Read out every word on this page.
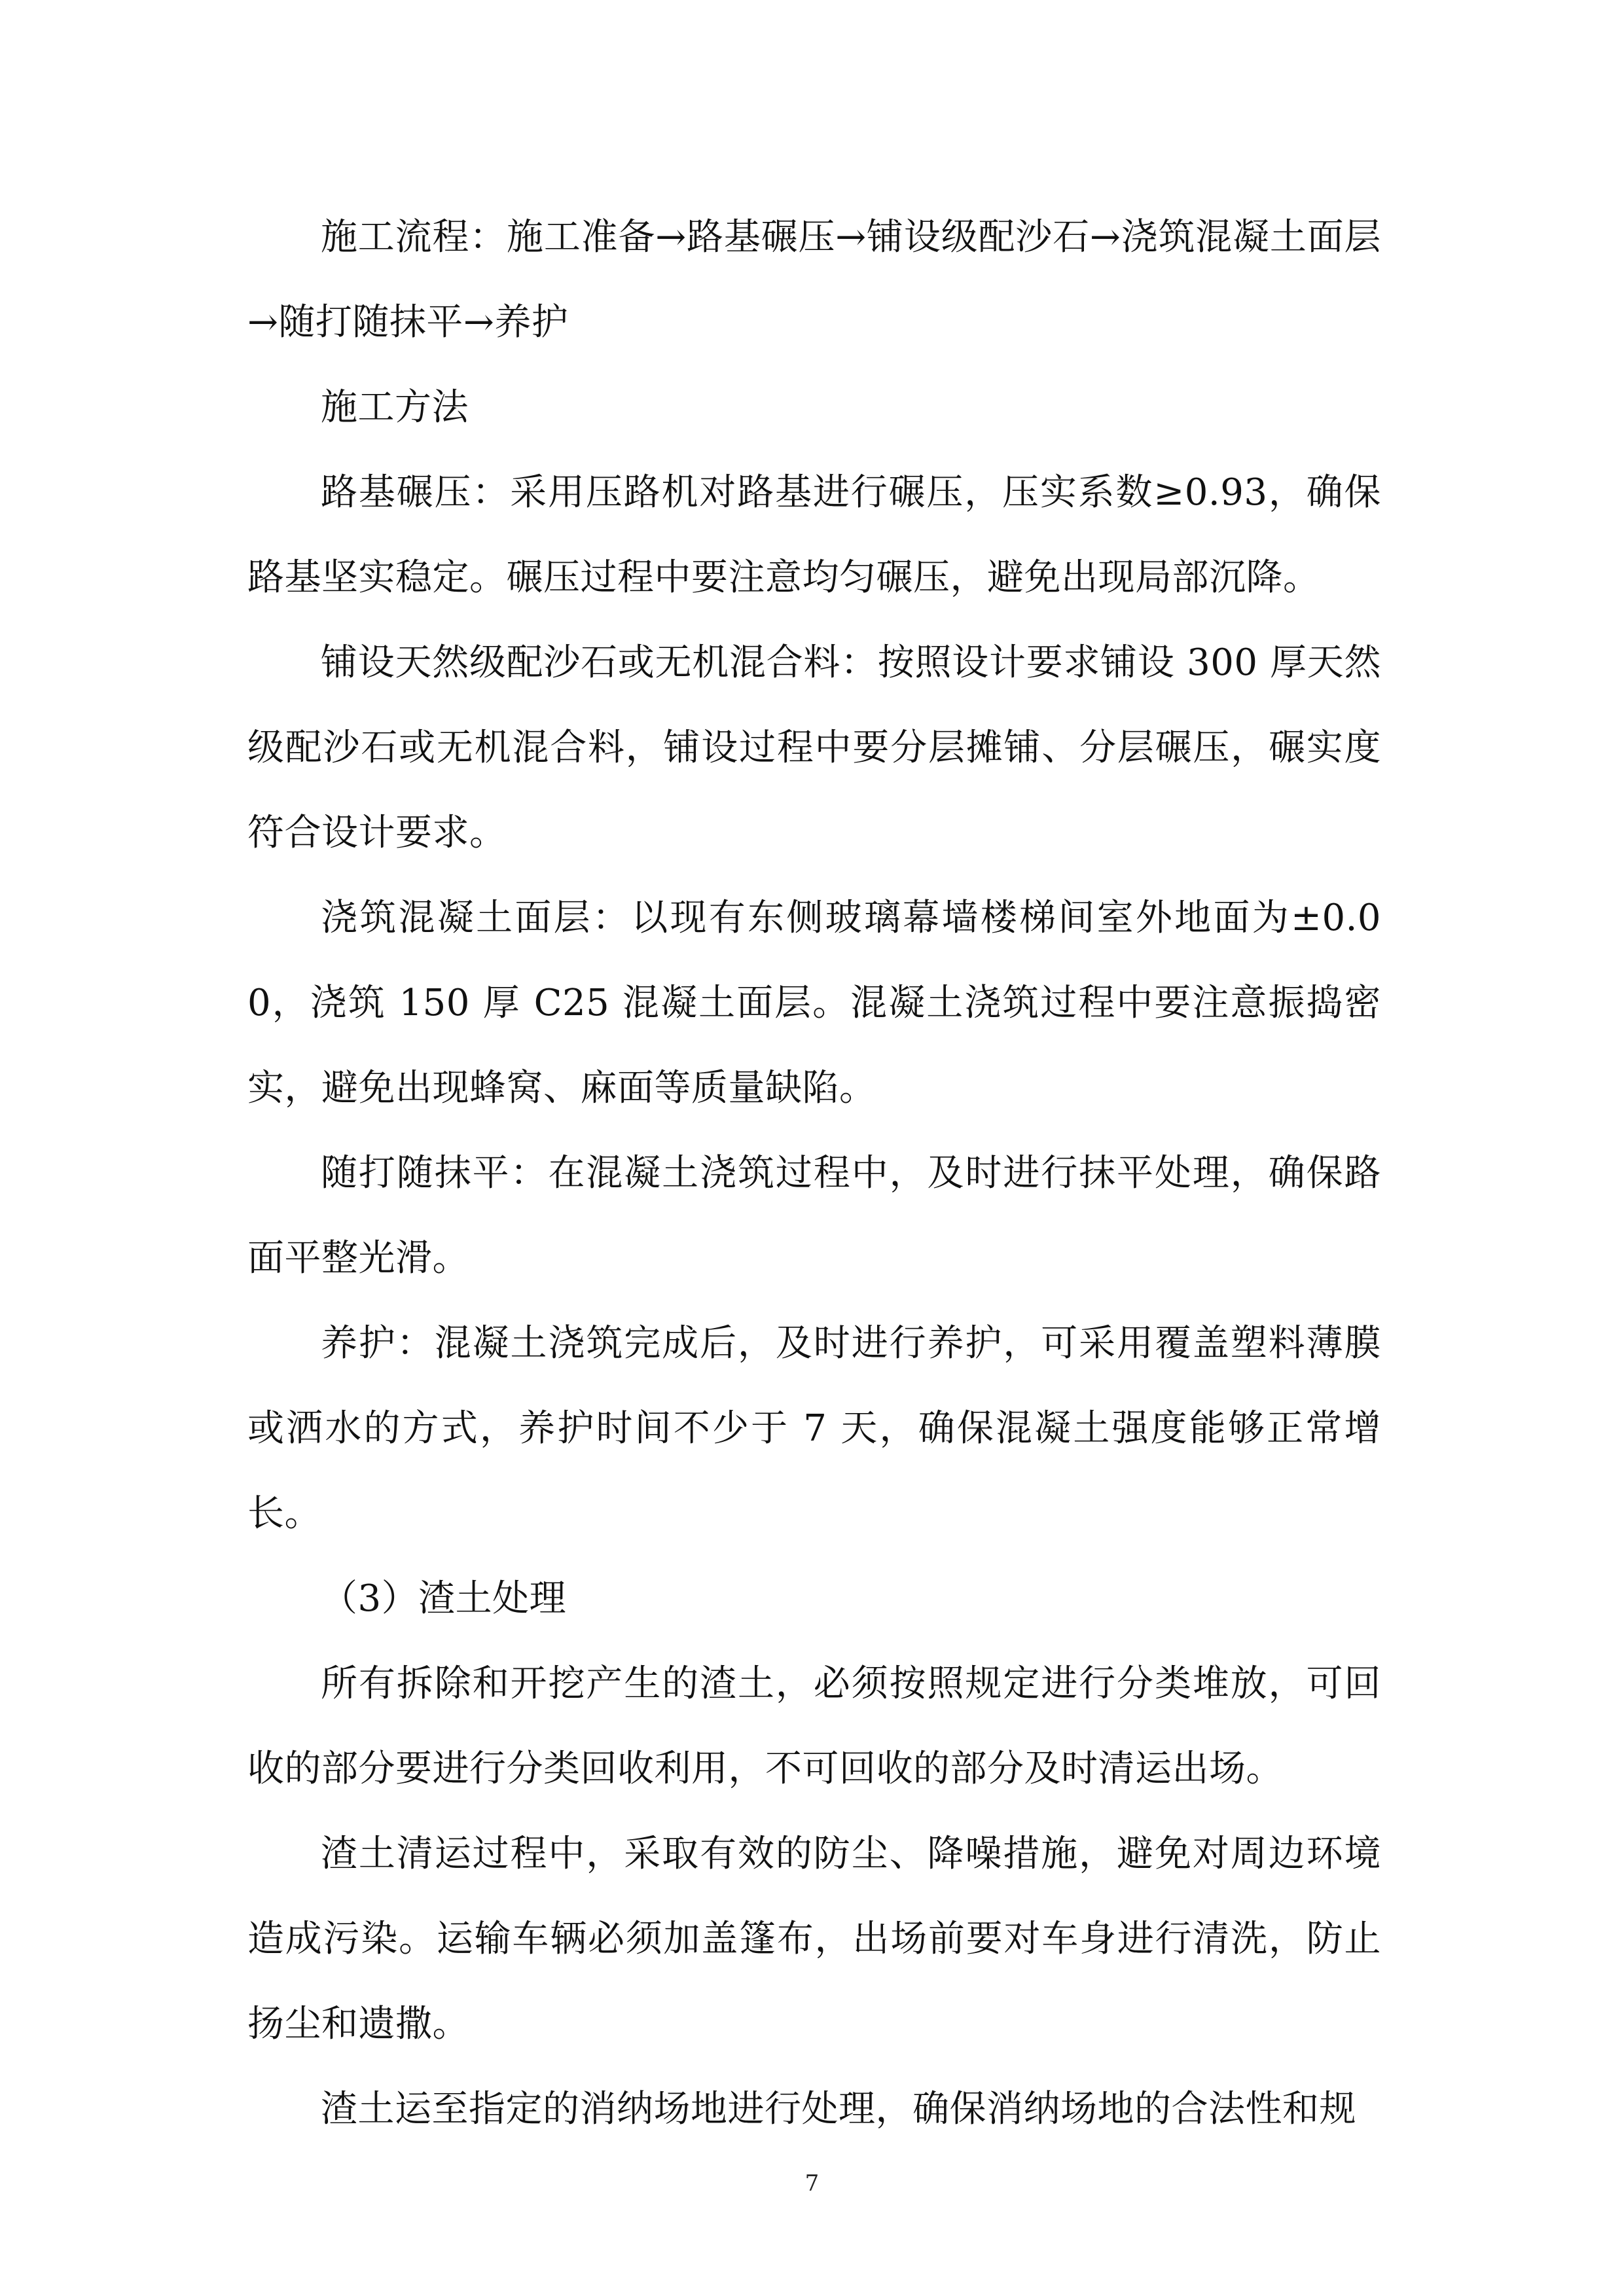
施工流程：施工准备→路基碾压→铺设级配沙石→浇筑混凝土面层→随打随抹平→养护

施工方法

路基碾压：采用压路机对路基进行碾压，压实系数≥0.93，确保路基坚实稳定。碾压过程中要注意均匀碾压，避免出现局部沉降。

铺设天然级配沙石或无机混合料：按照设计要求铺设 300 厚天然级配沙石或无机混合料，铺设过程中要分层摊铺、分层碾压，碾实度符合设计要求。

浇筑混凝土面层：以现有东侧玻璃幕墙楼梯间室外地面为±0.00，浇筑 150 厚 C25 混凝土面层。混凝土浇筑过程中要注意振捣密实，避免出现蜂窝、麻面等质量缺陷。

随打随抹平：在混凝土浇筑过程中，及时进行抹平处理，确保路面平整光滑。

养护：混凝土浇筑完成后，及时进行养护，可采用覆盖塑料薄膜或洒水的方式，养护时间不少于 7 天，确保混凝土强度能够正常增长。

（3）渣土处理

所有拆除和开挖产生的渣土，必须按照规定进行分类堆放，可回收的部分要进行分类回收利用，不可回收的部分及时清运出场。

渣土清运过程中，采取有效的防尘、降噪措施，避免对周边环境造成污染。运输车辆必须加盖篷布，出场前要对车身进行清洗，防止扬尘和遗撒。

渣土运至指定的消纳场地进行处理，确保消纳场地的合法性和规

7
